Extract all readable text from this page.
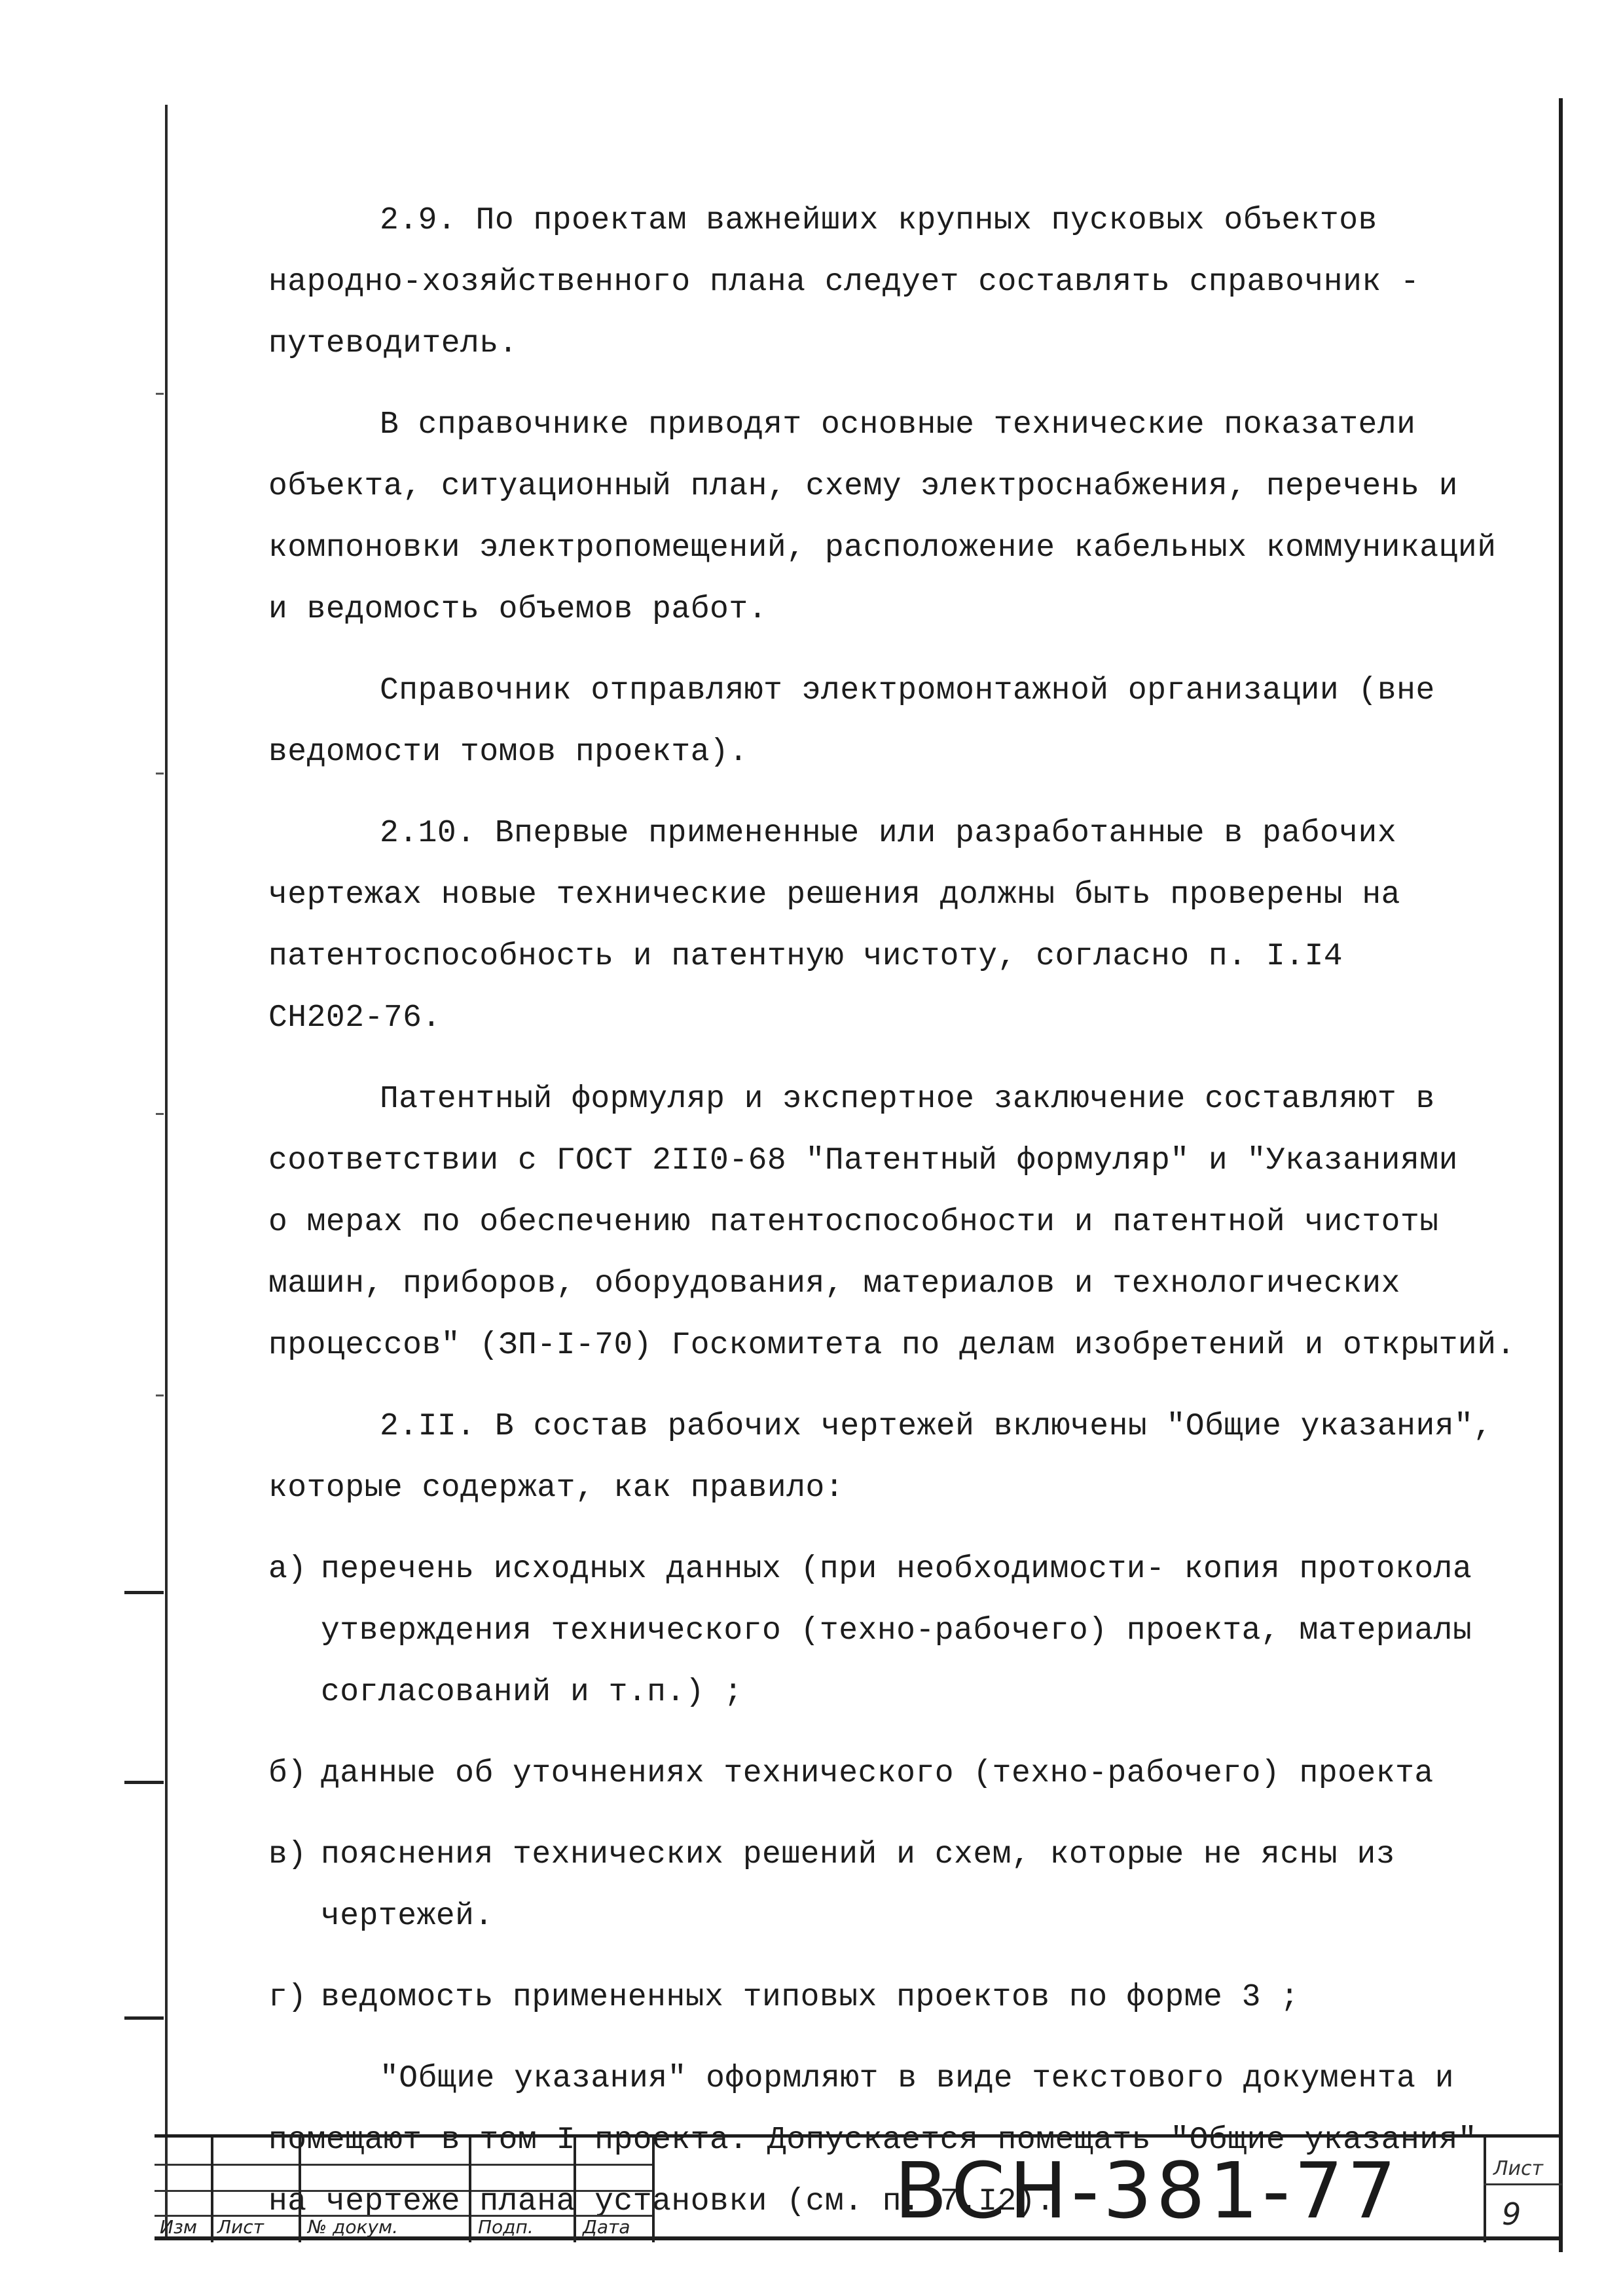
2.9. По проектам важнейших крупных пусковых объектов
народно-хозяйственного плана следует составлять справочник -
путеводитель.
В справочнике приводят основные технические показатели
объекта, ситуационный план, схему электроснабжения, перечень и
компоновки электропомещений, расположение кабельных коммуникаций
и ведомость объемов работ.
Справочник отправляют электромонтажной организации (вне
ведомости томов проекта).
2.10. Впервые примененные или разработанные в рабочих
чертежах новые технические решения должны быть проверены на
патентоспособность и патентную чистоту, согласно п. I.I4
СН202-76.
Патентный формуляр и экспертное заключение составляют в
соответствии с ГОСТ 2II0-68 "Патентный формуляр" и "Указаниями
о мерах по обеспечению патентоспособности и патентной чистоты
машин, приборов, оборудования, материалов и технологических
процессов" (ЗП-I-70) Госкомитета по делам изобретений и открытий.
2.II. В состав рабочих чертежей включены "Общие указания",
которые содержат, как правило:
а) перечень исходных данных (при необходимости- копия протокола
утверждения технического (техно-рабочего) проекта, материалы
согласований и т.п.) ;
б) данные об уточнениях технического (техно-рабочего) проекта
в) пояснения технических решений и схем, которые не ясны из
чертежей.
г) ведомость примененных типовых проектов по форме 3 ;
"Общие указания" оформляют в виде текстового документа и
помещают в том I проекта. Допускается помещать "Общие указания"
на чертеже плана установки (см. п. 7.I2).
Изм Лист № докум.	Подп.	Дата	ВСН-381-77	Лист
9
